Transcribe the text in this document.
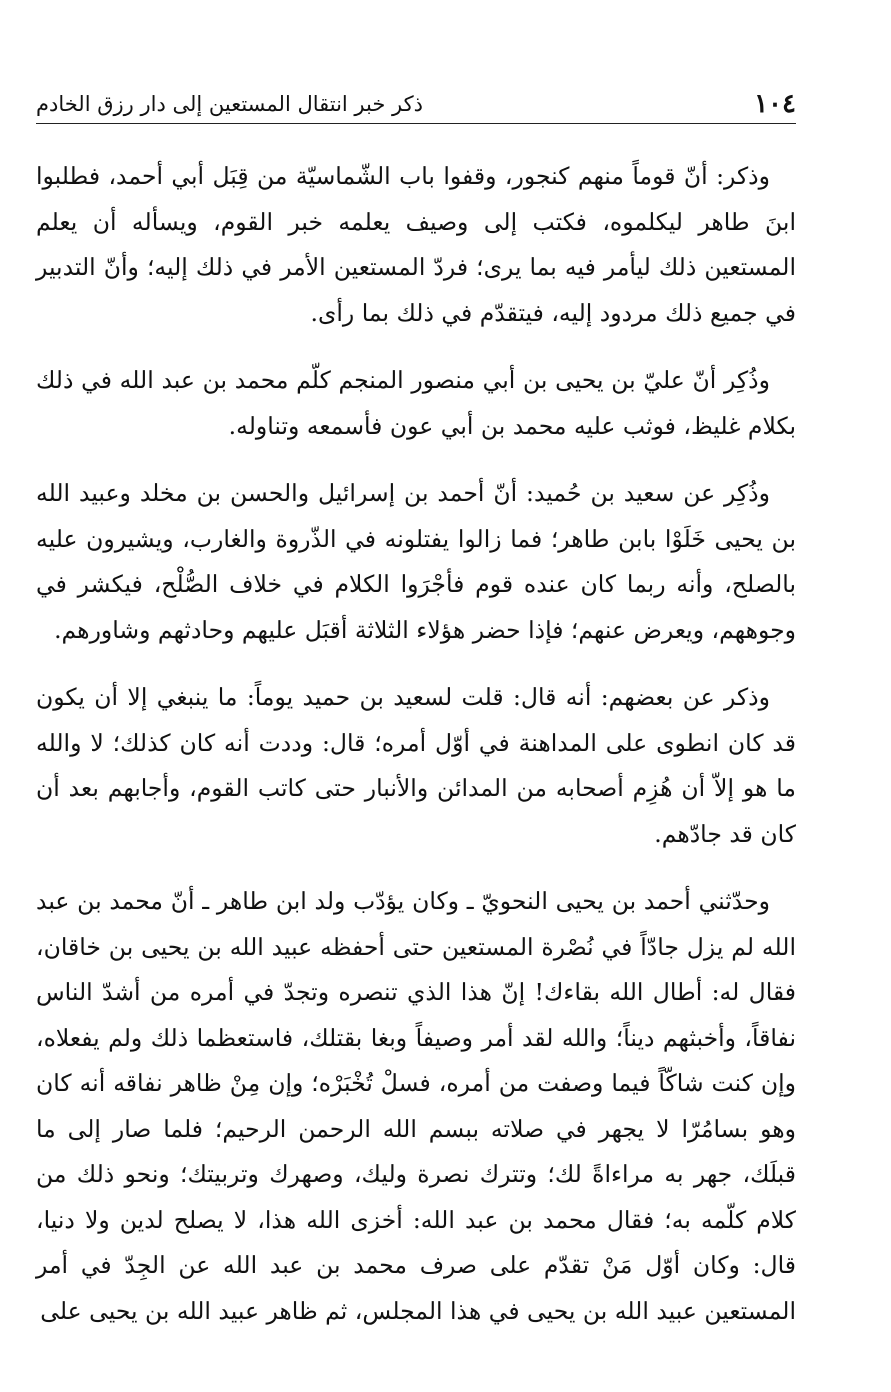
١٠٤
ذكر خبر انتقال المستعين إلى دار رزق الخادم

وذكر: أنّ قوماً منهم كنجور، وقفوا باب الشّماسيّة من قِبَل أبي أحمد، فطلبوا ابنَ طاهر ليكلموه، فكتب إلى وصيف يعلمه خبر القوم، ويسأله أن يعلم المستعين ذلك ليأمر فيه بما يرى؛ فردّ المستعين الأمر في ذلك إليه؛ وأنّ التدبير في جميع ذلك مردود إليه، فيتقدّم في ذلك بما رأى.

وذُكِر أنّ عليّ بن يحيى بن أبي منصور المنجم كلّم محمد بن عبد الله في ذلك بكلام غليظ، فوثب عليه محمد بن أبي عون فأسمعه وتناوله.

وذُكِر عن سعيد بن حُميد: أنّ أحمد بن إسرائيل والحسن بن مخلد وعبيد الله بن يحيى خَلَوْا بابن طاهر؛ فما زالوا يفتلونه في الذّروة والغارب، ويشيرون عليه بالصلح، وأنه ربما كان عنده قوم فأجْرَوا الكلام في خلاف الصُّلْح، فيكشر في وجوههم، ويعرض عنهم؛ فإذا حضر هؤلاء الثلاثة أقبَل عليهم وحادثهم وشاورهم.

وذكر عن بعضهم: أنه قال: قلت لسعيد بن حميد يوماً: ما ينبغي إلا أن يكون قد كان انطوى على المداهنة في أوّل أمره؛ قال: وددت أنه كان كذلك؛ لا والله ما هو إلاّ أن هُزِم أصحابه من المدائن والأنبار حتى كاتب القوم، وأجابهم بعد أن كان قد جادّهم.

وحدّثني أحمد بن يحيى النحويّ ـ وكان يؤدّب ولد ابن طاهر ـ أنّ محمد بن عبد الله لم يزل جادّاً في نُصْرة المستعين حتى أحفظه عبيد الله بن يحيى بن خاقان، فقال له: أطال الله بقاءك! إنّ هذا الذي تنصره وتجدّ في أمره من أشدّ الناس نفاقاً، وأخبثهم ديناً؛ والله لقد أمر وصيفاً وبغا بقتلك، فاستعظما ذلك ولم يفعلاه، وإن كنت شاكّاً فيما وصفت من أمره، فسلْ تُخْبَرْه؛ وإن مِنْ ظاهر نفاقه أنه كان وهو بسامُرّا لا يجهر في صلاته ببسم الله الرحمن الرحيم؛ فلما صار إلى ما قبلَك، جهر به مراءاةً لك؛ وتترك نصرة وليك، وصهرك وتربيتك؛ ونحو ذلك من كلام كلّمه به؛ فقال محمد بن عبد الله: أخزى الله هذا، لا يصلح لدين ولا دنيا، قال: وكان أوّل مَنْ تقدّم على صرف محمد بن عبد الله عن الجِدّ في أمر المستعين عبيد الله بن يحيى في هذا المجلس، ثم ظاهر عبيد الله بن يحيى على
